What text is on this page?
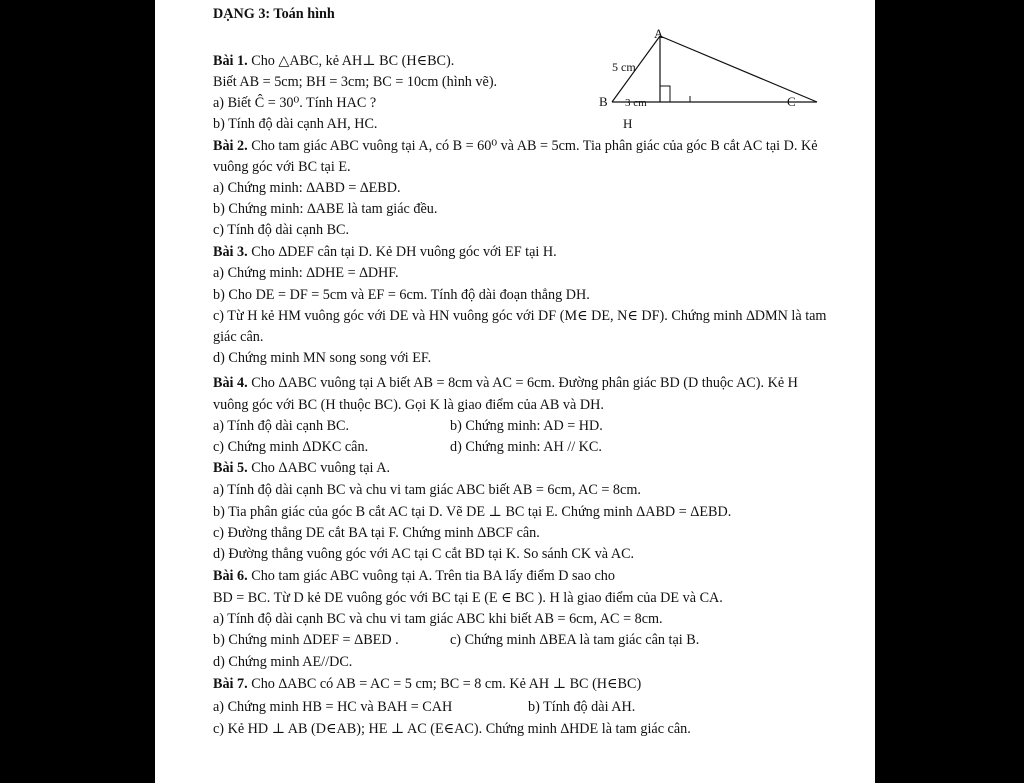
DẠNG 3: Toán hình
A
B	C
H
5 cm
3 cm
Bài 1. Cho △ABC, kẻ AH⊥ BC (H∈BC).
Biết AB = 5cm; BH = 3cm; BC = 10cm (hình vẽ).
a) Biết Ĉ = 30⁰. Tính HAC ?
b) Tính độ dài cạnh AH, HC.
Bài 2. Cho tam giác ABC vuông tại A, có B = 60⁰ và AB = 5cm. Tia phân giác của góc B cắt AC tại D. Kẻ
vuông góc với BC tại E.
a) Chứng minh: ∆ABD = ∆EBD.
b) Chứng minh: ∆ABE là tam giác đều.
c) Tính độ dài cạnh BC.
Bài 3. Cho ∆DEF cân tại D. Kẻ DH vuông góc với EF tại H.
a) Chứng minh: ∆DHE = ∆DHF.
b) Cho DE = DF = 5cm và EF = 6cm. Tính độ dài đoạn thẳng DH.
c) Từ H kẻ HM vuông góc với DE và HN vuông góc với DF (M∈ DE, N∈ DF). Chứng minh ∆DMN là tam
giác cân.
d) Chứng minh MN song song với EF.
Bài 4. Cho ΔABC vuông tại A biết AB = 8cm và AC = 6cm. Đường phân giác BD (D thuộc AC). Kẻ H
vuông góc với BC (H thuộc BC). Gọi K là giao điểm của AB và DH.
a) Tính độ dài cạnh BC.	b) Chứng minh: AD = HD.
c) Chứng minh ΔDKC cân.	d) Chứng minh: AH // KC.
Bài 5. Cho ΔABC vuông tại A.
a) Tính độ dài cạnh BC và chu vi tam giác ABC biết AB = 6cm, AC = 8cm.
b) Tia phân giác của góc B cắt AC tại D. Vẽ DE ⊥ BC tại E. Chứng minh ΔABD = ΔEBD.
c) Đường thẳng DE cắt BA tại F. Chứng minh ΔBCF cân.
d) Đường thẳng vuông góc với AC tại C cắt BD tại K. So sánh CK và AC.
Bài 6. Cho tam giác ABC vuông tại A. Trên tia BA lấy điểm D sao cho
BD = BC. Từ D kẻ DE vuông góc với BC tại E (E ∈ BC ). H là giao điểm của DE và CA.
a) Tính độ dài cạnh BC và chu vi tam giác ABC khi biết AB = 6cm, AC = 8cm.
b) Chứng minh ΔDEF = ΔBED .	c) Chứng minh ΔBEA là tam giác cân tại B.
d) Chứng minh AE//DC.
Bài 7. Cho ∆ABC có AB = AC = 5 cm; BC = 8 cm. Kẻ AH ⊥ BC (H∈BC)
a) Chứng minh HB = HC và BAH = CAH	b) Tính độ dài AH.
c) Kẻ HD ⊥ AB (D∈AB); HE ⊥ AC (E∈AC). Chứng minh ∆HDE là tam giác cân.
